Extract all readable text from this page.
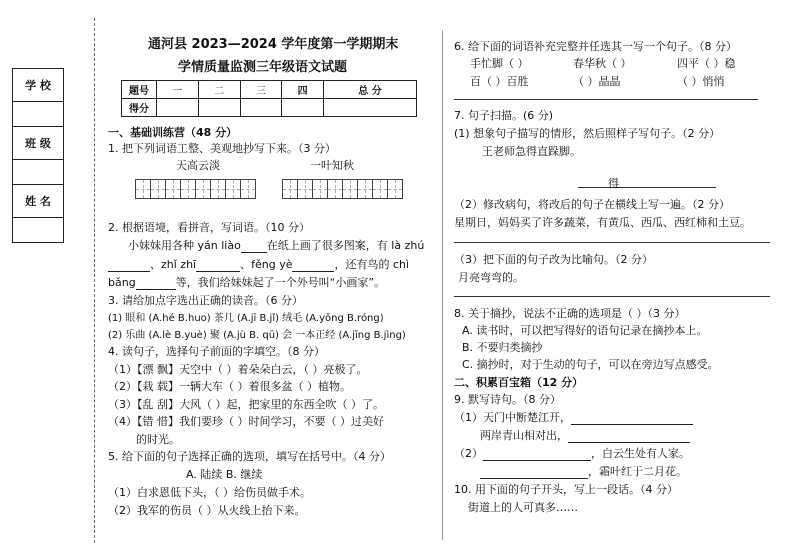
学 校

班 级

姓 名

通河县 2023—2024 学年度第一学期期末
学情质量监测三年级语文试题
题号	一	二	三	四	总 分
得分					
一、基础训练营（48 分）
1. 把下列词语工整、美观地抄写下来。（3 分）
天高云淡	一叶知秋
2. 根据语境，看拼音，写词语。（10 分）
小妹妹用各种 yán liào 在纸上画了很多图案，有 là zhú
、zhǐ zhī	、fěng yè	，还有鸟的 chì
bǎng	等，我们给妹妹起了一个外号叫“小画家”。
3. 请给加点字选出正确的读音。（6 分）
(1) 眼和 (A.hé B.huo) 茶几 (A.jī B.jǐ) 绒毛 (A.yǒng B.róng)
(2) 乐曲 (A.lè B.yuè) 聚 (A.jù B. qū) 会 一本正经 (A.jīng B.jìng)
4. 读句子，选择句子前面的字填空。（8 分）
（1）【漂 飘】天空中（ ）着朵朵白云，（ ）亮极了。
（2）【栽 载】一辆大车（ ）着很多盆（ ）植物。
（3）【乱 刮】大风（ ）起，把家里的东西全吹（ ）了。
（4）【错 惜】我们要珍（ ）时间学习，不要（ ）过美好
的时光。
5. 给下面的句子选择正确的选项，填写在括号中。（4 分）
A. 陆续 B. 继续
（1）白求恩低下头，（ ）给伤员做手术。
（2）我军的伤员（ ）从火线上抬下来。
6. 给下面的词语补充完整并任选其一写一个句子。（8 分）
手忙脚（ ）	春华秋（ ）	四平（ ）稳
百（ ）百胜	（ ）晶晶	（ ）悄悄
7. 句子扫描。(6 分)
(1) 想象句子描写的情形，然后照样子写句子。（2 分）
王老师急得直跺脚。
得
（2）修改病句，将改后的句子在横线上写一遍。（2 分）
星期日，妈妈买了许多蔬菜，有黄瓜、西瓜、西红柿和土豆。
（3）把下面的句子改为比喻句。（2 分）
月亮弯弯的。
8. 关于摘抄，说法不正确的选项是（ ）（3 分）
A. 读书时，可以把写得好的语句记录在摘抄本上。
B. 不要归类摘抄
C. 摘抄时，对于生动的句子，可以在旁边写点感受。
二、积累百宝箱（12 分）
9. 默写诗句。（8 分）
（1）天门中断楚江开，
两岸青山相对出，
（2）	，白云生处有人家。
，霜叶红于二月花。
10. 用下面的句子开头，写上一段话。（4 分）
街道上的人可真多……
